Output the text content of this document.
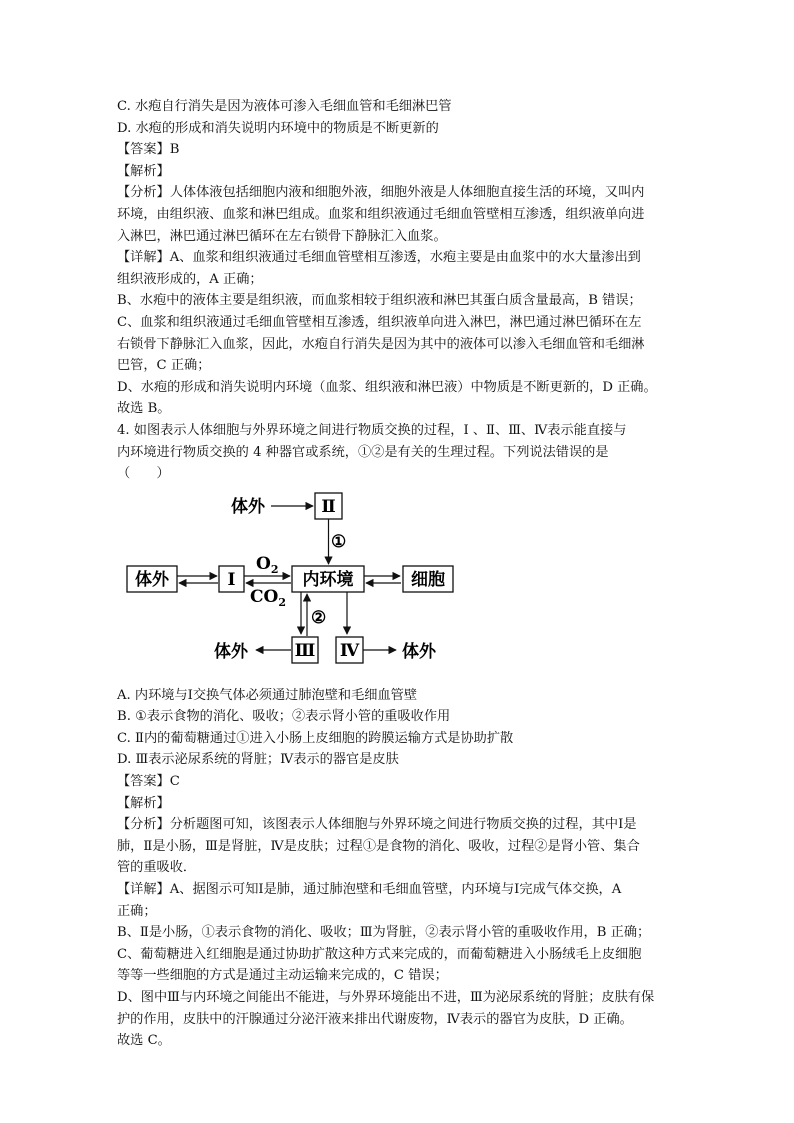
C. 水疱自行消失是因为液体可渗入毛细血管和毛细淋巴管

D. 水疱的形成和消失说明内环境中的物质是不断更新的

【答案】B

【解析】

【分析】人体体液包括细胞内液和细胞外液，细胞外液是人体细胞直接生活的环境，又叫内

环境，由组织液、血浆和淋巴组成。血浆和组织液通过毛细血管壁相互渗透，组织液单向进

入淋巴，淋巴通过淋巴循环在左右锁骨下静脉汇入血浆。

【详解】A、血浆和组织液通过毛细血管壁相互渗透，水疱主要是由血浆中的水大量渗出到

组织液形成的，A 正确；

B、水疱中的液体主要是组织液，而血浆相较于组织液和淋巴其蛋白质含量最高，B 错误；

C、血浆和组织液通过毛细血管壁相互渗透，组织液单向进入淋巴，淋巴通过淋巴循环在左

右锁骨下静脉汇入血浆，因此，水疱自行消失是因为其中的液体可以渗入毛细血管和毛细淋

巴管，C 正确；

D、水疱的形成和消失说明内环境（血浆、组织液和淋巴液）中物质是不断更新的，D 正确。

故选 B。

4. 如图表示人体细胞与外界环境之间进行物质交换的过程，Ⅰ 、Ⅱ、Ⅲ、Ⅳ表示能直接与

内环境进行物质交换的 4 种器官或系统，①②是有关的生理过程。下列说法错误的是

（　　）

体外	Ⅱ
①
体外	Ⅰ
$O_2$
$CO_2$
内环境	细胞
②
体外	Ⅲ Ⅳ	体外

A. 内环境与Ⅰ交换气体必须通过肺泡壁和毛细血管壁

B. ①表示食物的消化、吸收；②表示肾小管的重吸收作用

C. Ⅱ内的葡萄糖通过①进入小肠上皮细胞的跨膜运输方式是协助扩散

D. Ⅲ表示泌尿系统的肾脏；Ⅳ表示的器官是皮肤

【答案】C

【解析】

【分析】分析题图可知，该图表示人体细胞与外界环境之间进行物质交换的过程，其中Ⅰ是

肺，Ⅱ是小肠，Ⅲ是肾脏，Ⅳ是皮肤；过程①是食物的消化、吸收，过程②是肾小管、集合

管的重吸收．

【详解】A、据图示可知Ⅰ是肺，通过肺泡壁和毛细血管壁，内环境与Ⅰ完成气体交换，A

正确；

B、Ⅱ是小肠，①表示食物的消化、吸收；Ⅲ为肾脏，②表示肾小管的重吸收作用，B 正确；

C、葡萄糖进入红细胞是通过协助扩散这种方式来完成的，而葡萄糖进入小肠绒毛上皮细胞

等等一些细胞的方式是通过主动运输来完成的，C 错误；

D、图中Ⅲ与内环境之间能出不能进，与外界环境能出不进，Ⅲ为泌尿系统的肾脏；皮肤有保

护的作用，皮肤中的汗腺通过分泌汗液来排出代谢废物，Ⅳ表示的器官为皮肤，D 正确。

故选 C。
